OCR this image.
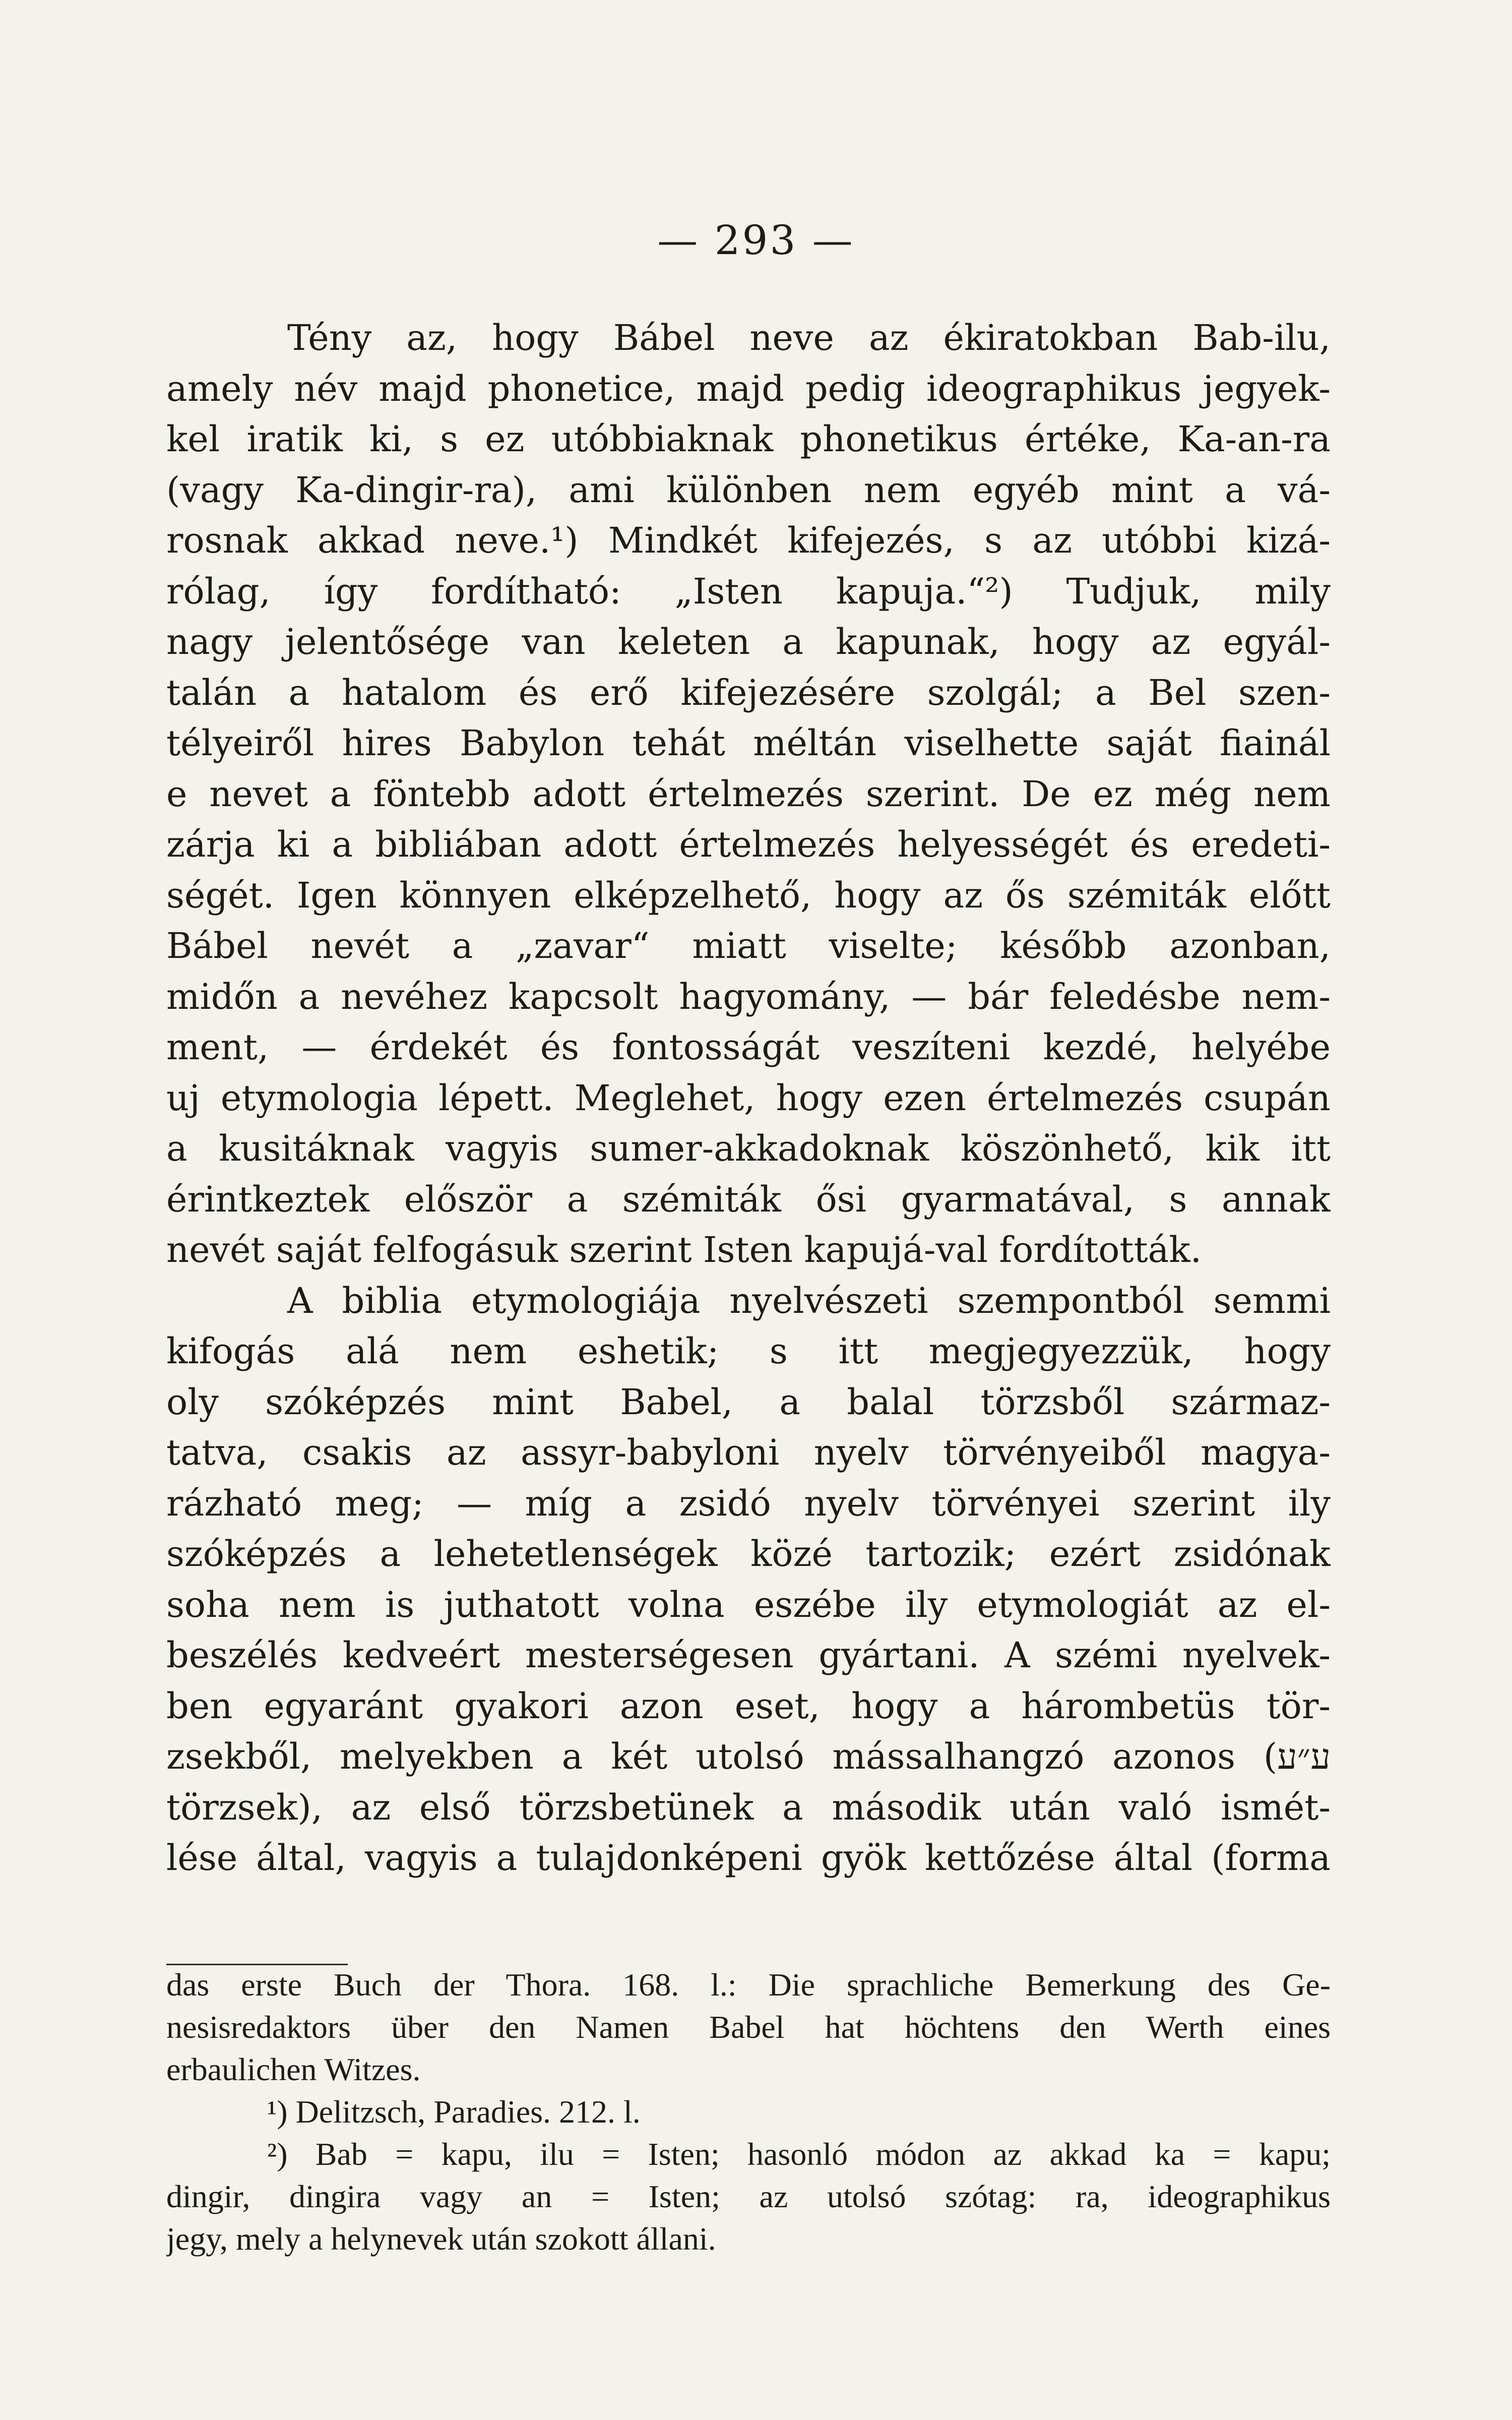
— 293 —
Tény az, hogy Bábel neve az ékiratokban Bab-ilu,
amely név majd phonetice, majd pedig ideographikus jegyek-
kel iratik ki, s ez utóbbiaknak phonetikus értéke, Ka-an-ra
(vagy Ka-dingir-ra), ami különben nem egyéb mint a vá-
rosnak akkad neve.¹) Mindkét kifejezés, s az utóbbi kizá-
rólag, így fordítható: „Isten kapuja.“²) Tudjuk, mily
nagy jelentősége van keleten a kapunak, hogy az egyál-
talán a hatalom és erő kifejezésére szolgál; a Bel szen-
télyeiről hires Babylon tehát méltán viselhette saját fiainál
e nevet a föntebb adott értelmezés szerint. De ez még nem
zárja ki a bibliában adott értelmezés helyességét és eredeti-
ségét. Igen könnyen elképzelhető, hogy az ős szémiták előtt
Bábel nevét a „zavar“ miatt viselte; később azonban,
midőn a nevéhez kapcsolt hagyomány, — bár feledésbe nem-
ment, — érdekét és fontosságát veszíteni kezdé, helyébe
uj etymologia lépett. Meglehet, hogy ezen értelmezés csupán
a kusitáknak vagyis sumer-akkadoknak köszönhető, kik itt
érintkeztek először a szémiták ősi gyarmatával, s annak
nevét saját felfogásuk szerint Isten kapujá-val fordították.
A biblia etymologiája nyelvészeti szempontból semmi
kifogás alá nem eshetik; s itt megjegyezzük, hogy
oly szóképzés mint Babel, a balal törzsből származ-
tatva, csakis az assyr-babyloni nyelv törvényeiből magya-
rázható meg; — míg a zsidó nyelv törvényei szerint ily
szóképzés a lehetetlenségek közé tartozik; ezért zsidónak
soha nem is juthatott volna eszébe ily etymologiát az el-
beszélés kedveért mesterségesen gyártani. A szémi nyelvek-
ben egyaránt gyakori azon eset, hogy a hárombetüs tör-
zsekből, melyekben a két utolsó mássalhangzó azonos (ע״ע
törzsek), az első törzsbetünek a második után való ismét-
lése által, vagyis a tulajdonképeni gyök kettőzése által (forma
das erste Buch der Thora. 168. l.: Die sprachliche Bemerkung des Ge-
nesisredaktors über den Namen Babel hat höchtens den Werth eines
erbaulichen Witzes.
¹) Delitzsch, Paradies. 212. l.
²) Bab = kapu, ilu = Isten; hasonló módon az akkad ka = kapu;
dingir, dingira vagy an = Isten; az utolsó szótag: ra, ideographikus
jegy, mely a helynevek után szokott állani.
